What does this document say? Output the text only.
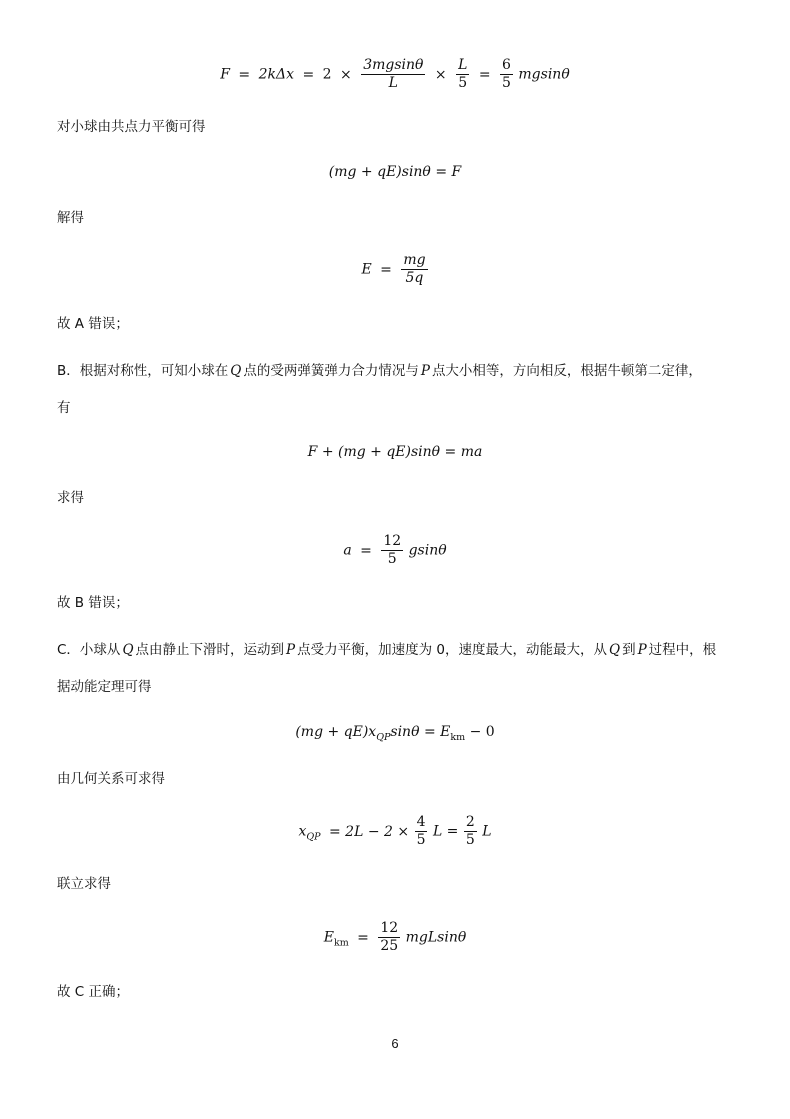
$F = 2k\Delta x = 2 \times \frac{3mgsin\theta}{L} \times \frac{L}{5} = \frac{6}{5}$ mgsinθ
对小球由共点力平衡可得
(mg + qE)sinθ = F
解得
$E = \frac{mg}{5q}$
故 A 错误；
B．根据对称性，可知小球在 Q 点的受两弹簧弹力合力情况与 P 点大小相等，方向相反，根据牛顿第二定律，
有
F + (mg + qE)sinθ = ma
求得
$a = \frac{12}{5}$ gsinθ
故 B 错误；
C．小球从 Q 点由静止下滑时，运动到 P 点受力平衡，加速度为 0，速度最大，动能最大，从 Q 到 P 过程中，根
据动能定理可得
$(mg + qE)x_{QP}\sin\theta = E_{km} - 0$
由几何关系可求得
$x_{QP} = 2L - 2 \times \frac{4}{5}$ $L = \frac{2}{5}$ L
联立求得
$E_{km} = \frac{12}{25}$ mgLsinθ
故 C 正确；
6
